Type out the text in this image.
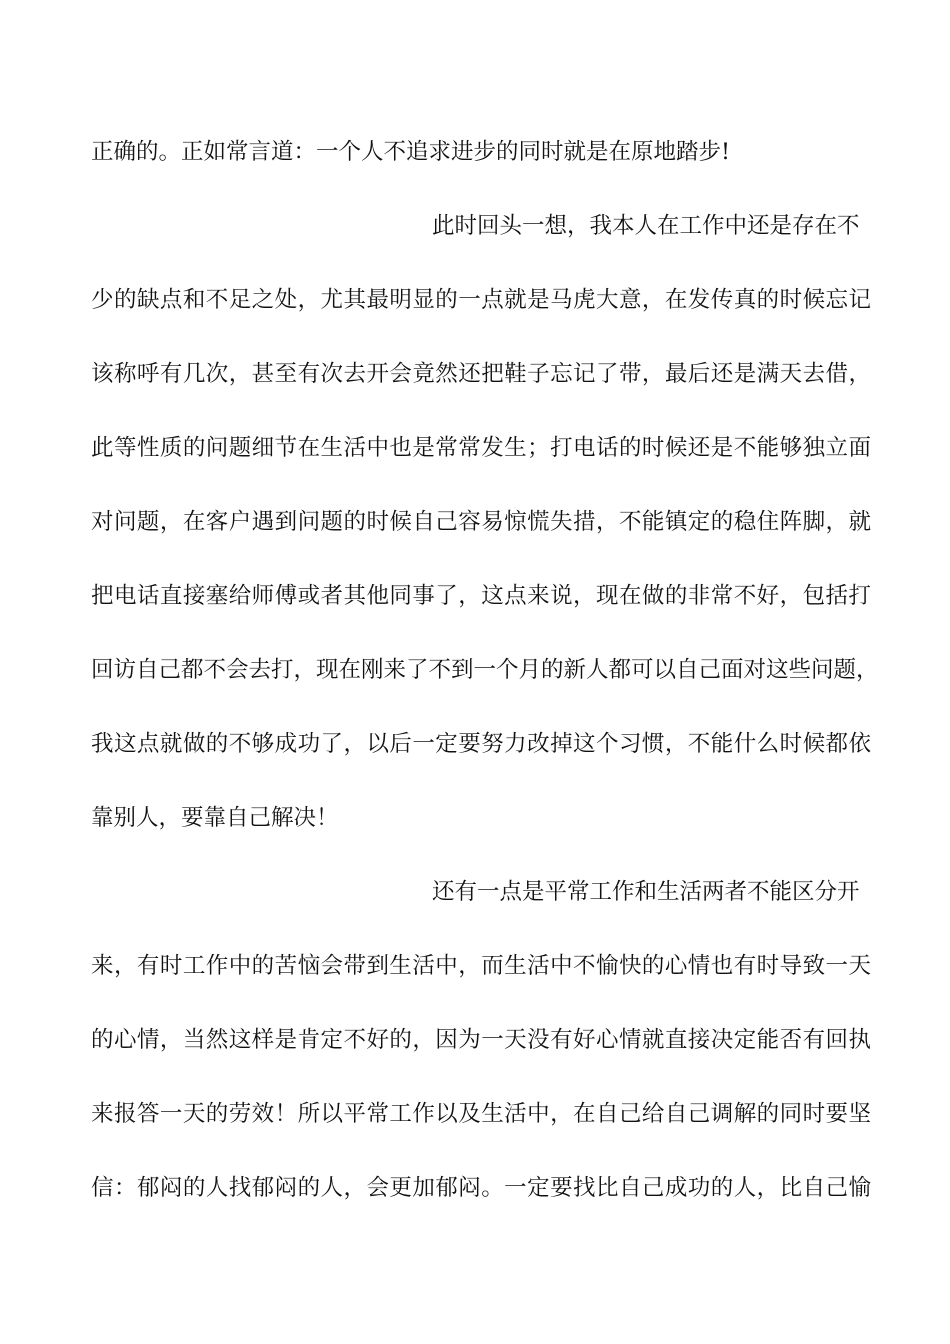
正确的。正如常言道：一个人不追求进步的同时就是在原地踏步!

此时回头一想，我本人在工作中还是存在不

少的缺点和不足之处，尤其最明显的一点就是马虎大意，在发传真的时候忘记

该称呼有几次，甚至有次去开会竟然还把鞋子忘记了带，最后还是满天去借，

此等性质的问题细节在生活中也是常常发生；打电话的时候还是不能够独立面

对问题，在客户遇到问题的时候自己容易惊慌失措，不能镇定的稳住阵脚，就

把电话直接塞给师傅或者其他同事了，这点来说，现在做的非常不好，包括打

回访自己都不会去打，现在刚来了不到一个月的新人都可以自己面对这些问题，

我这点就做的不够成功了，以后一定要努力改掉这个习惯，不能什么时候都依

靠别人，要靠自己解决！

还有一点是平常工作和生活两者不能区分开

来，有时工作中的苦恼会带到生活中，而生活中不愉快的心情也有时导致一天

的心情，当然这样是肯定不好的，因为一天没有好心情就直接决定能否有回执

来报答一天的劳效！所以平常工作以及生活中，在自己给自己调解的同时要坚

信：郁闷的人找郁闷的人，会更加郁闷。一定要找比自己成功的人，比自己愉
